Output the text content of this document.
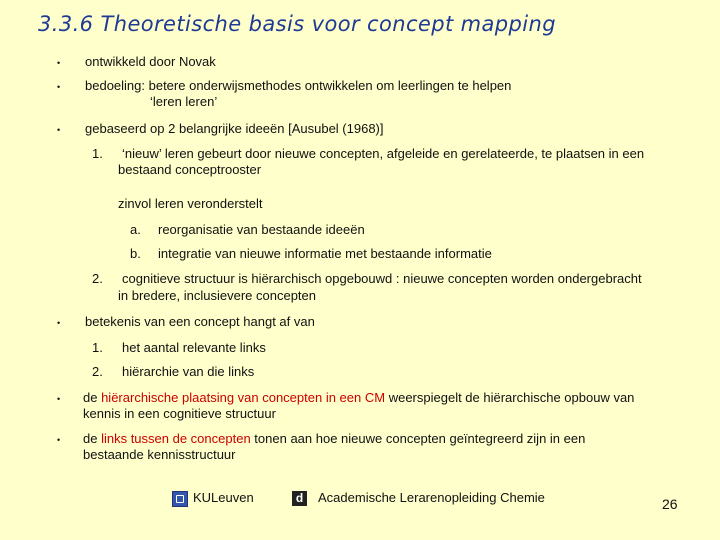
3.3.6 Theoretische basis voor concept mapping
• ontwikkeld door Novak
• bedoeling: betere onderwijsmethodes ontwikkelen om leerlingen te helpen
‘leren leren’
• gebaseerd op 2 belangrijke ideeën [Ausubel (1968)]
1. ‘nieuw’ leren gebeurt door nieuwe concepten, afgeleide en gerelateerde, te plaatsen in een
bestaand conceptrooster
zinvol leren veronderstelt
a. reorganisatie van bestaande ideeën
b. integratie van nieuwe informatie met bestaande informatie
2. cognitieve structuur is hiërarchisch opgebouwd : nieuwe concepten worden ondergebracht
in bredere, inclusievere concepten
• betekenis van een concept hangt af van
1. het aantal relevante links
2. hiërarchie van die links
• de hiërarchische plaatsing van concepten in een CM weerspiegelt de hiërarchische opbouw van
kennis in een cognitieve structuur
• de links tussen de concepten tonen aan hoe nieuwe concepten geïntegreerd zijn in een
bestaande kennisstructuur
KULeuven	d Academische Lerarenopleiding Chemie	26
